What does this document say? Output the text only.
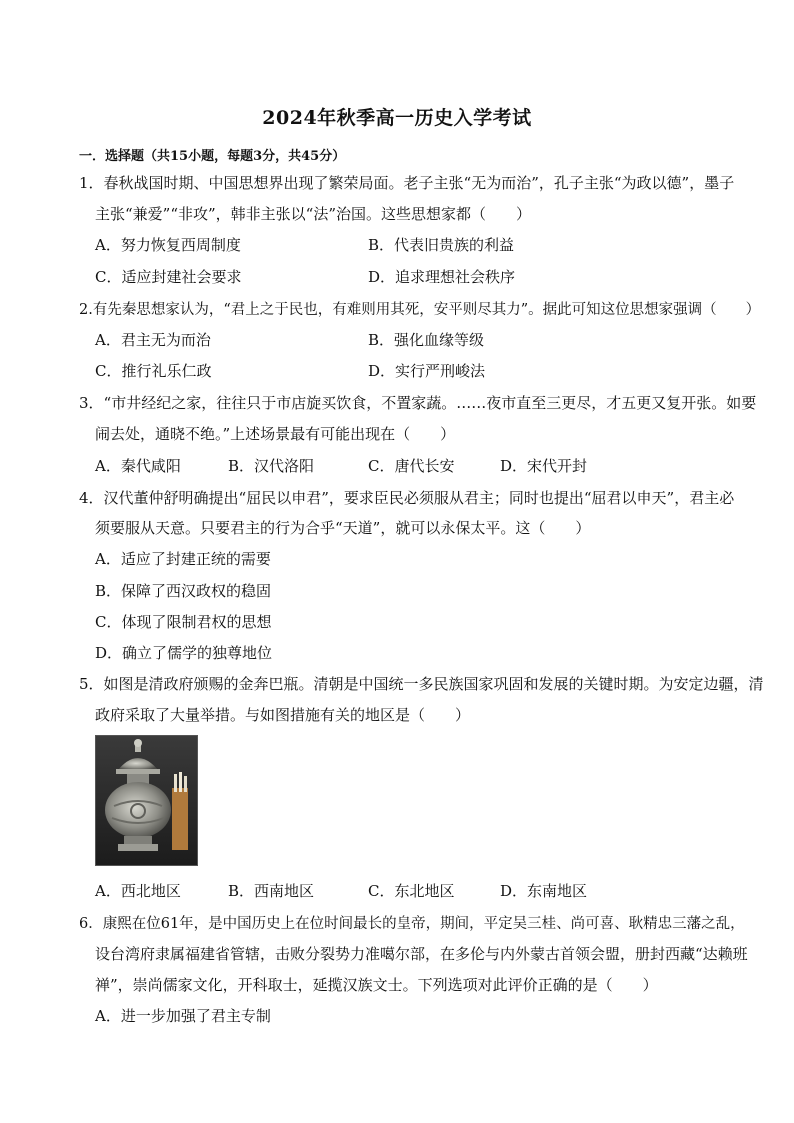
2024年秋季高一历史入学考试
一．选择题（共15小题，每题3分，共45分）
1．春秋战国时期、中国思想界出现了繁荣局面。老子主张“无为而治”，孔子主张“为政以德”，墨子
主张“兼爱”“非攻”，韩非主张以“法”治国。这些思想家都（　　）
A．努力恢复西周制度	B．代表旧贵族的利益
C．适应封建社会要求	D．追求理想社会秩序
2.有先秦思想家认为，“君上之于民也，有难则用其死，安平则尽其力”。据此可知这位思想家强调（　　）
A．君主无为而治	B．强化血缘等级
C．推行礼乐仁政	D．实行严刑峻法
3．“市井经纪之家，往往只于市店旋买饮食，不置家蔬。……夜市直至三更尽，才五更又复开张。如要
闹去处，通晓不绝。”上述场景最有可能出现在（　　）
A．秦代咸阳	B．汉代洛阳	C．唐代长安	D．宋代开封
4．汉代董仲舒明确提出“屈民以申君”，要求臣民必须服从君主；同时也提出“屈君以申天”，君主必
须要服从天意。只要君主的行为合乎“天道”，就可以永保太平。这（　　）
A．适应了封建正统的需要
B．保障了西汉政权的稳固
C．体现了限制君权的思想
D．确立了儒学的独尊地位
5．如图是清政府颁赐的金奔巴瓶。清朝是中国统一多民族国家巩固和发展的关键时期。为安定边疆，清
政府采取了大量举措。与如图措施有关的地区是（　　）
A．西北地区	B．西南地区	C．东北地区	D．东南地区
6．康熙在位61年，是中国历史上在位时间最长的皇帝，期间，平定吴三桂、尚可喜、耿精忠三藩之乱，
设台湾府隶属福建省管辖，击败分裂势力准噶尔部，在多伦与内外蒙古首领会盟，册封西藏“达赖班
禅”，崇尚儒家文化，开科取士，延揽汉族文士。下列选项对此评价正确的是（　　）
A．进一步加强了君主专制
